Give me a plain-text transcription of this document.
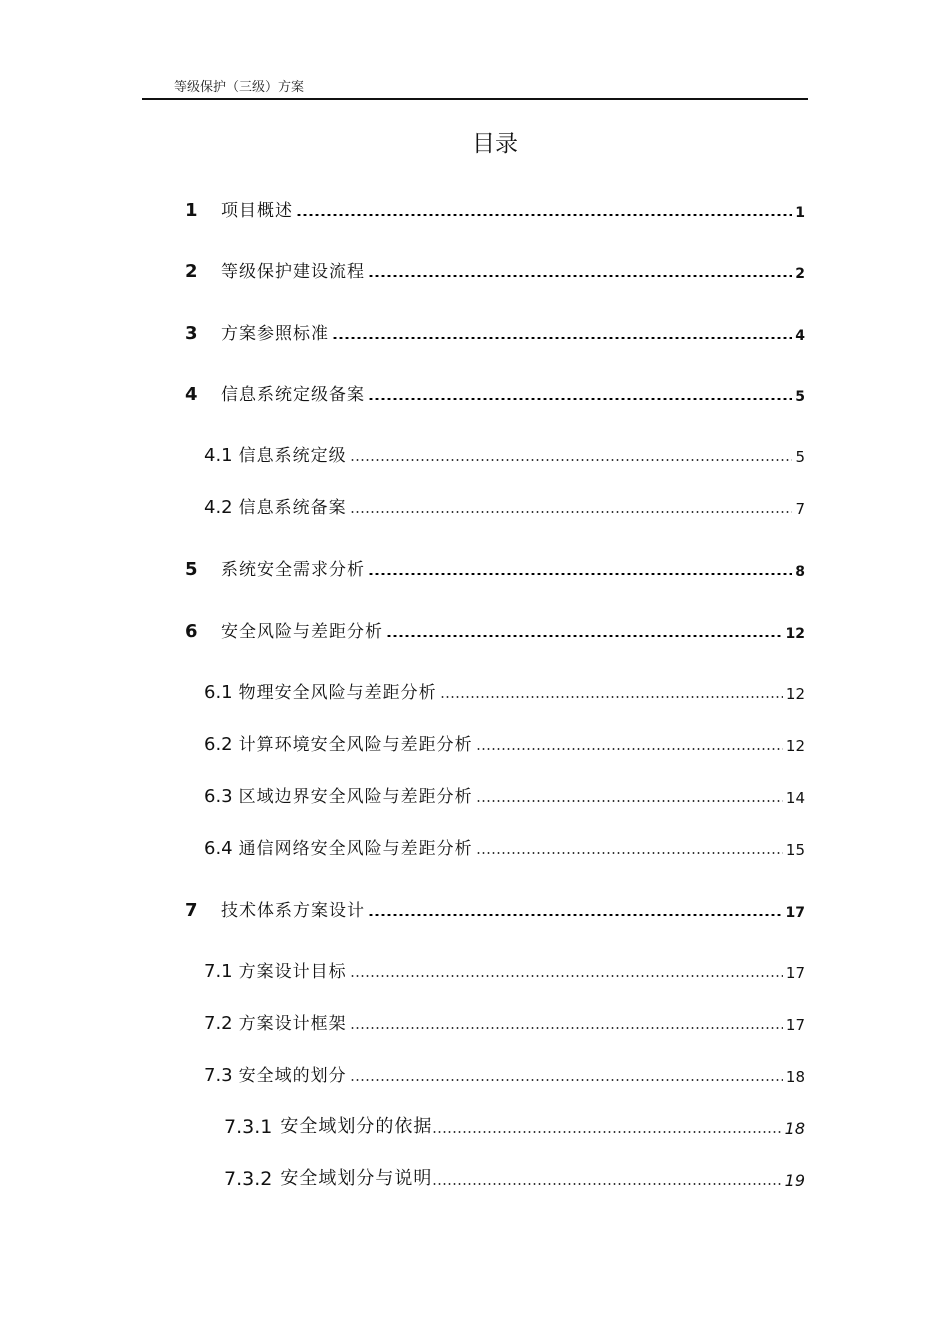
等级保护（三级）方案
目录
1	项目概述	1
2	等级保护建设流程	2
3	方案参照标准	4
4	信息系统定级备案	5
4.1 信息系统定级	5
4.2 信息系统备案	7
5	系统安全需求分析	8
6	安全风险与差距分析	12
6.1 物理安全风险与差距分析	12
6.2 计算环境安全风险与差距分析	12
6.3 区域边界安全风险与差距分析	14
6.4 通信网络安全风险与差距分析	15
7	技术体系方案设计	17
7.1 方案设计目标	17
7.2 方案设计框架	17
7.3 安全域的划分	18
7.3.1 安全域划分的依据	18
7.3.2 安全域划分与说明	19
